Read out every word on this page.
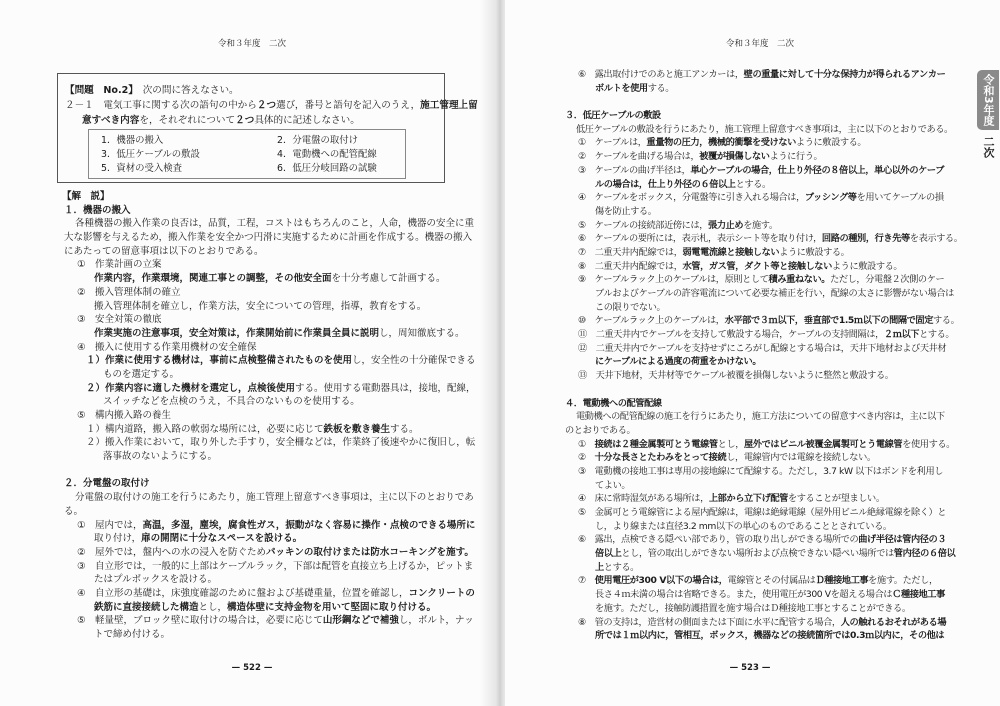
令和３年度　二次
【問題　No.2】　次の問に答えなさい。
２－１　電気工事に関する次の語句の中から２つ選び，番号と語句を記入のうえ，施工管理上留
意すべき内容を，それぞれについて２つ具体的に記述しなさい。
1．機器の搬入	2．分電盤の取付け
3．低圧ケーブルの敷設	4．電動機への配管配線
5．資材の受入検査	6．低圧分岐回路の試験
【解　説】
１．機器の搬入
各種機器の搬入作業の良否は，品質，工程，コストはもちろんのこと，人命，機器の安全に重
大な影響を与えるため，搬入作業を安全かつ円滑に実施するために計画を作成する。機器の搬入
にあたっての留意事項は以下のとおりである。
①　作業計画の立案
作業内容，作業環境，関連工事との調整，その他安全面を十分考慮して計画する。
②　搬入管理体制の確立
搬入管理体制を確立し，作業方法，安全についての管理，指導，教育をする。
③　安全対策の徹底
作業実施の注意事項，安全対策は，作業開始前に作業員全員に説明し，周知徹底する。
④　搬入に使用する作業用機材の安全確保
１）作業に使用する機材は，事前に点検整備されたものを使用し，安全性の十分確保できる
ものを選定する。
２）作業内容に適した機材を選定し，点検後使用する。使用する電動器具は，接地，配線，
スイッチなどを点検のうえ，不具合のないものを使用する。
⑤　構内搬入路の養生
１）構内道路，搬入路の軟弱な場所には，必要に応じて鉄板を敷き養生する。
２）搬入作業において，取り外した手すり，安全柵などは，作業終了後速やかに復旧し，転
落事故のないようにする。
２．分電盤の取付け
分電盤の取付けの施工を行うにあたり，施工管理上留意すべき事項は，主に以下のとおりであ
る。
①　屋内では，高温，多湿，塵埃，腐食性ガス，振動がなく容易に操作・点検のできる場所に
取り付け，扉の開閉に十分なスペースを設ける。
②　屋外では，盤内への水の浸入を防ぐためパッキンの取付けまたは防水コーキングを施す。
③　自立形では，一般的に上部はケーブルラック，下部は配管を直接立ち上げるか，ピットま
たはプルボックスを設ける。
④　自立形の基礎は，床強度確認のために盤および基礎重量，位置を確認し，コンクリートの
鉄筋に直接接続した構造とし，構造体壁に支持金物を用いて堅固に取り付ける。
⑤　軽量壁，ブロック壁に取付けの場合は，必要に応じて山形鋼などで補強し，ボルト，ナッ
トで締め付ける。
— 522 —
令和３年度　二次
— 523 —
⑥　露出取付けでのあと施工アンカーは，壁の重量に対して十分な保持力が得られるアンカー
ボルトを使用する。
３．低圧ケーブルの敷設
低圧ケーブルの敷設を行うにあたり，施工管理上留意すべき事項は，主に以下のとおりである。
①　ケーブルは，重量物の圧力，機械的衝撃を受けないように敷設する。
②　ケーブルを曲げる場合は，被覆が損傷しないように行う。
③　ケーブルの曲げ半径は，単心ケーブルの場合，仕上り外径の８倍以上，単心以外のケーブ
ルの場合は，仕上り外径の６倍以上とする。
④　ケーブルをボックス，分電盤等に引き入れる場合は，ブッシング等を用いてケーブルの損
傷を防止する。
⑤　ケーブルの接続部近傍には，張力止めを施す。
⑥　ケーブルの要所には，表示札，表示シート等を取り付け，回路の種別，行き先等を表示する。
⑦　二重天井内配線では，弱電電流線と接触しないように敷設する。
⑧　二重天井内配線では，水管，ガス管，ダクト等と接触しないように敷設する。
⑨　ケーブルラック上のケーブルは，原則として積み重ねない。ただし，分電盤２次側のケー
ブルおよびケーブルの許容電流について必要な補正を行い，配線の太さに影響がない場合は
この限りでない。
⑩　ケーブルラック上のケーブルは，水平部で３ｍ以下，垂直部で1.5ｍ以下の間隔で固定する。
⑪　二重天井内でケーブルを支持して敷設する場合，ケーブルの支持間隔は，２ｍ以下とする。
⑫　二重天井内でケーブルを支持せずにころがし配線とする場合は，天井下地材および天井材
にケーブルによる過度の荷重をかけない。
⑬　天井下地材，天井材等でケーブル被覆を損傷しないように整然と敷設する。
４．電動機への配管配線
電動機への配管配線の施工を行うにあたり，施工方法についての留意すべき内容は，主に以下
のとおりである。
①　接続は２種金属製可とう電線管とし，屋外ではビニル被覆金属製可とう電線管を使用する。
②　十分な長さとたわみをとって接続し，電線管内では電線を接続しない。
③　電動機の接地工事は専用の接地線にて配線する。ただし，3.7 kW 以下はボンドを利用し
てよい。
④　床に常時湿気がある場所は，上部から立下げ配管をすることが望ましい。
⑤　金属可とう電線管による屋内配線は，電線は絶縁電線（屋外用ビニル絶縁電線を除く）と
し，より線または直径3.2 mm以下の単心のものであることとされている。
⑥　露出，点検できる隠ぺい部であり，管の取り出しができる場所での曲げ半径は管内径の３
倍以上とし，管の取出しができない場所および点検できない隠ぺい場所では管内径の６倍以
上とする。
⑦　使用電圧が300 V以下の場合は，電線管とその付属品はＤ種接地工事を施す。ただし，
長さ４ｍ未満の場合は省略できる。また，使用電圧が300 Vを超える場合はＣ種接地工事
を施す。ただし，接触防護措置を施す場合はＤ種接地工事とすることができる。
⑧　管の支持は，造営材の側面または下面に水平に配管する場合，人の触れるおそれがある場
所では１ｍ以内に，管相互，ボックス，機器などの接続箇所では0.3ｍ以内に，その他は
令和3年度
二次
